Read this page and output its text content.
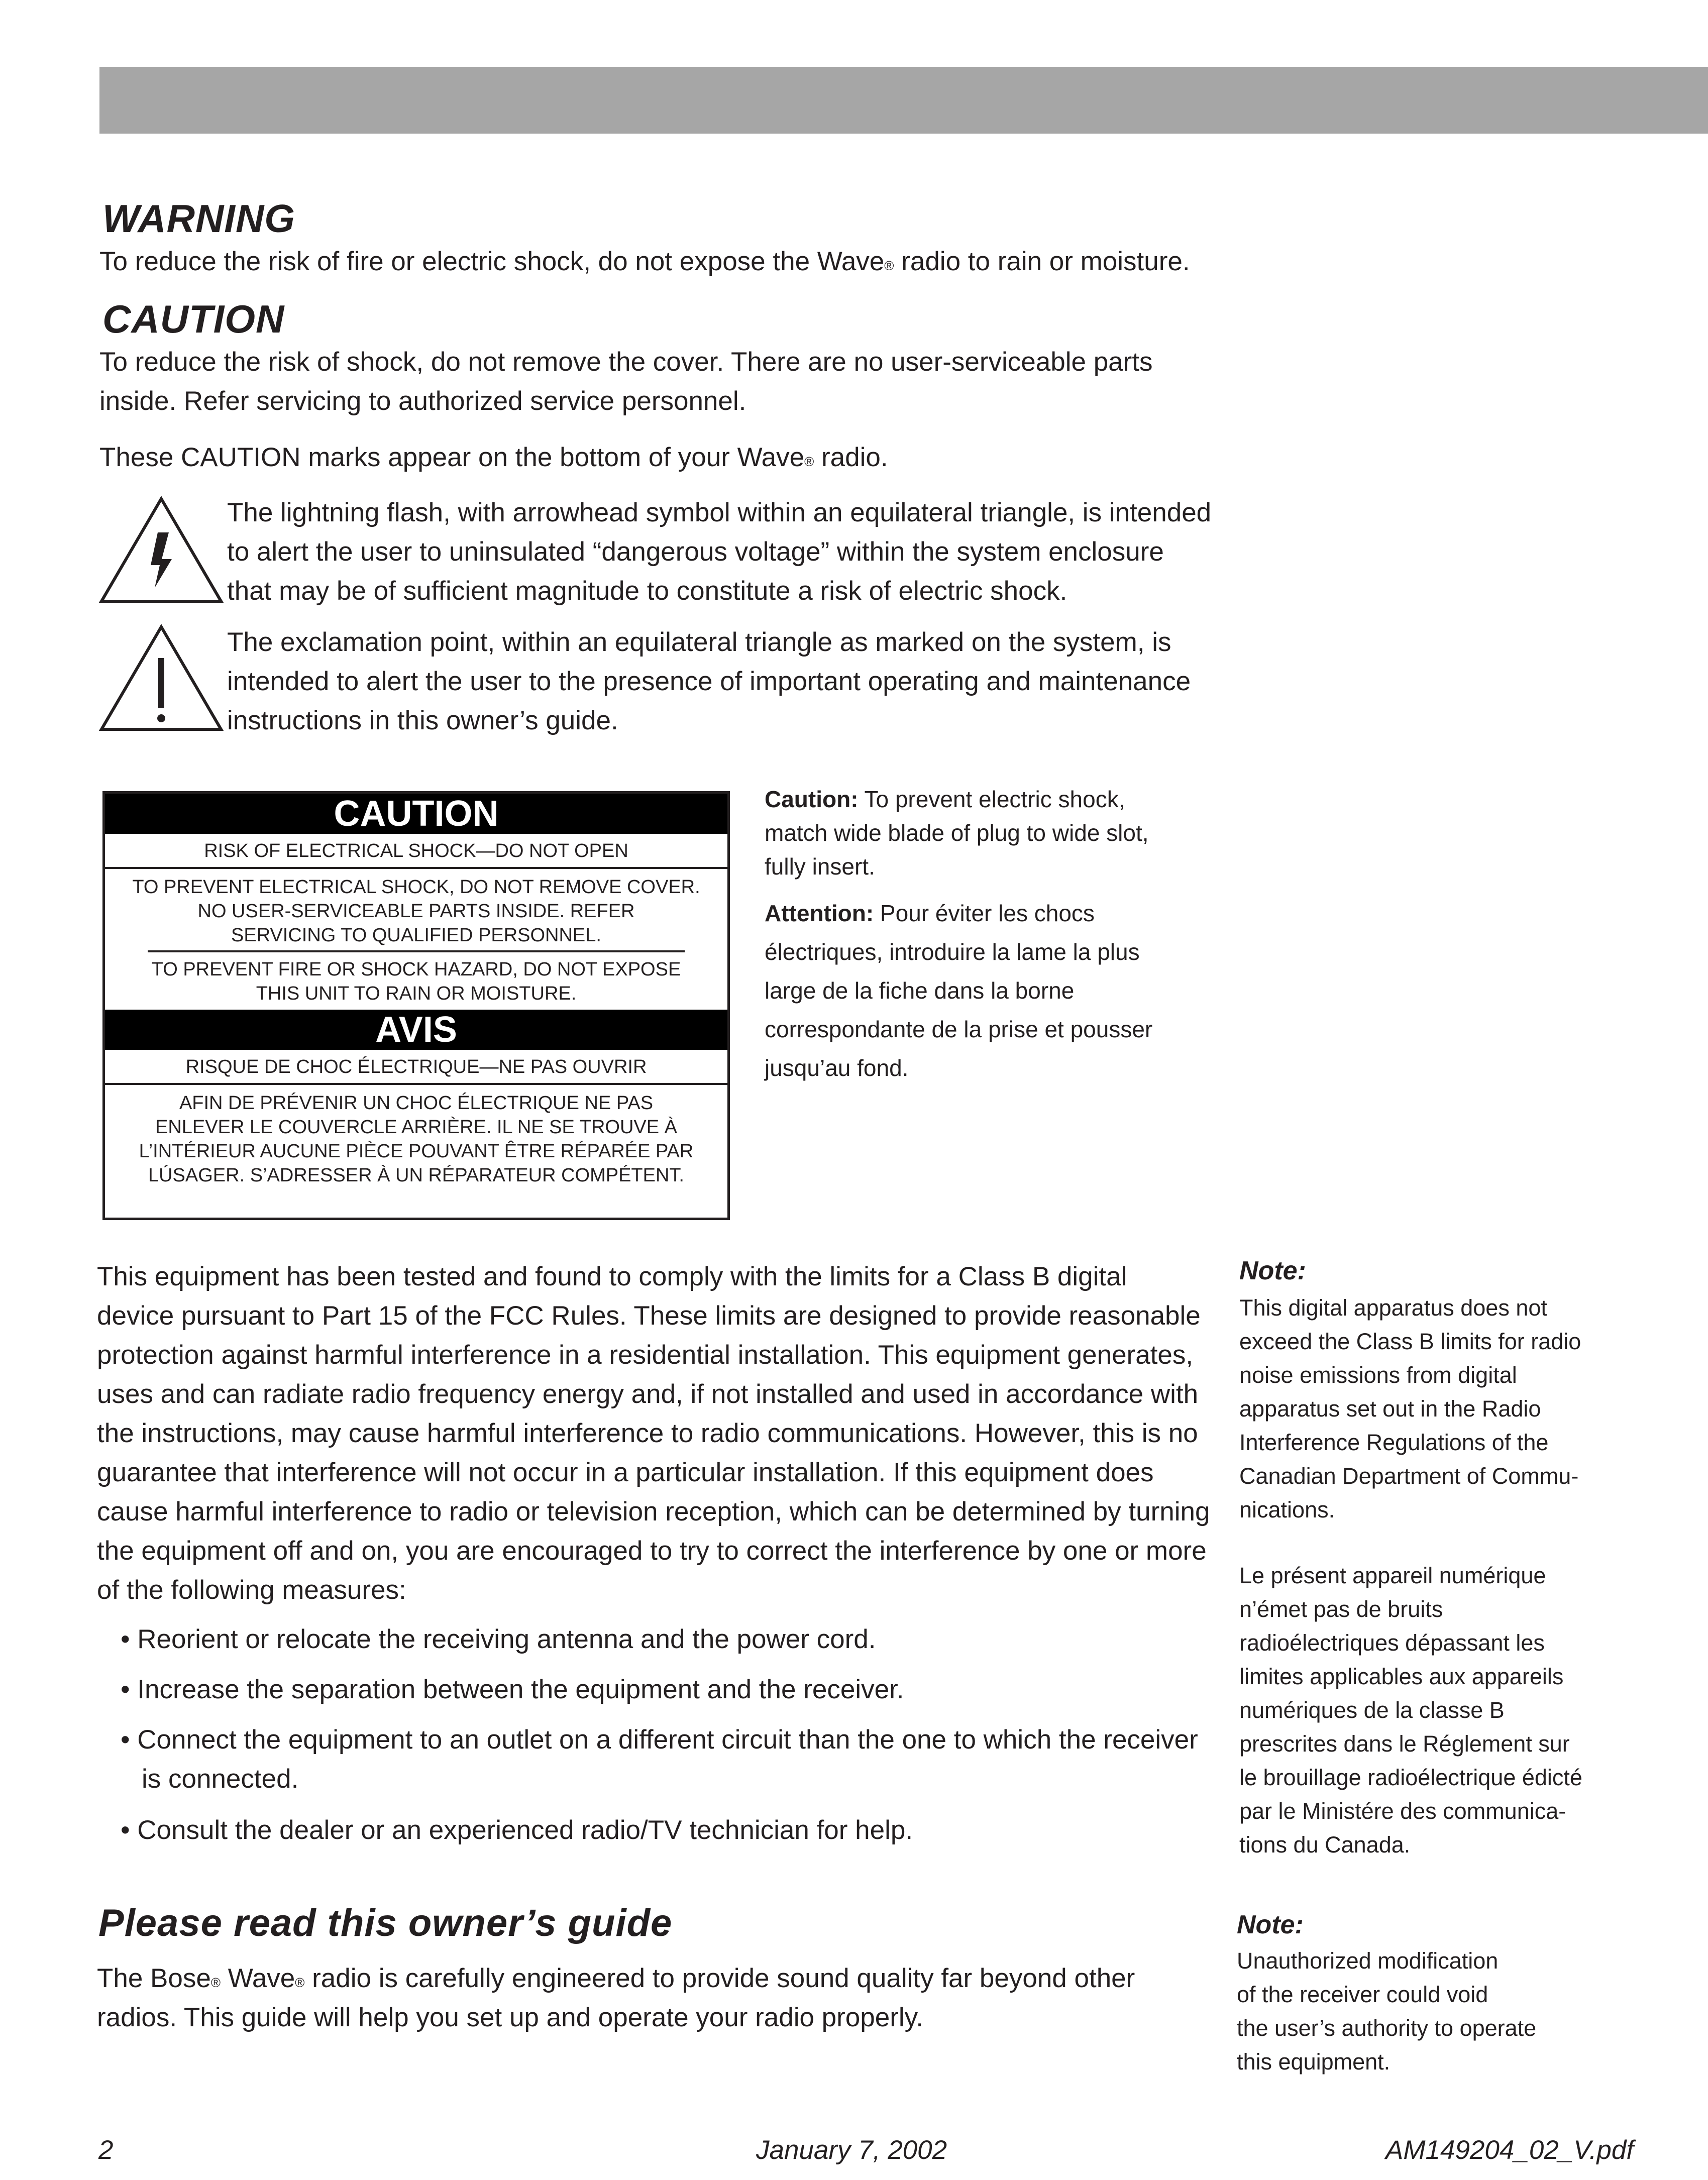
WARNING
To reduce the risk of fire or electric shock, do not expose the Wave® radio to rain or moisture.
CAUTION
To reduce the risk of shock, do not remove the cover. There are no user-serviceable parts
inside. Refer servicing to authorized service personnel.
These CAUTION marks appear on the bottom of your Wave® radio.
The lightning flash, with arrowhead symbol within an equilateral triangle, is intended
to alert the user to uninsulated “dangerous voltage” within the system enclosure
that may be of sufficient magnitude to constitute a risk of electric shock.
The exclamation point, within an equilateral triangle as marked on the system, is
intended to alert the user to the presence of important operating and maintenance
instructions in this owner’s guide.
CAUTION
RISK OF ELECTRICAL SHOCK—DO NOT OPEN
TO PREVENT ELECTRICAL SHOCK, DO NOT REMOVE COVER.
NO USER-SERVICEABLE PARTS INSIDE. REFER
SERVICING TO QUALIFIED PERSONNEL.
TO PREVENT FIRE OR SHOCK HAZARD, DO NOT EXPOSE
THIS UNIT TO RAIN OR MOISTURE.
AVIS
RISQUE DE CHOC ÉLECTRIQUE—NE PAS OUVRIR
AFIN DE PRÉVENIR UN CHOC ÉLECTRIQUE NE PAS
ENLEVER LE COUVERCLE ARRIÈRE. IL NE SE TROUVE À
L’INTÉRIEUR AUCUNE PIÈCE POUVANT ÊTRE RÉPARÉE PAR
LÚSAGER. S’ADRESSER À UN RÉPARATEUR COMPÉTENT.
Caution: To prevent electric shock,
match wide blade of plug to wide slot,
fully insert.
Attention: Pour éviter les chocs
électriques, introduire la lame la plus
large de la fiche dans la borne
correspondante de la prise et pousser
jusqu’au fond.
This equipment has been tested and found to comply with the limits for a Class B digital
device pursuant to Part 15 of the FCC Rules. These limits are designed to provide reasonable
protection against harmful interference in a residential installation. This equipment generates,
uses and can radiate radio frequency energy and, if not installed and used in accordance with
the instructions, may cause harmful interference to radio communications. However, this is no
guarantee that interference will not occur in a particular installation. If this equipment does
cause harmful interference to radio or television reception, which can be determined by turning
the equipment off and on, you are encouraged to try to correct the interference by one or more
of the following measures:
• Reorient or relocate the receiving antenna and the power cord.
• Increase the separation between the equipment and the receiver.
• Connect the equipment to an outlet on a different circuit than the one to which the receiver
is connected.
• Consult the dealer or an experienced radio/TV technician for help.
Note:
This digital apparatus does not
exceed the Class B limits for radio
noise emissions from digital
apparatus set out in the Radio
Interference Regulations of the
Canadian Department of Commu-
nications.
Le présent appareil numérique
n’émet pas de bruits
radioélectriques dépassant les
limites applicables aux appareils
numériques de la classe B
prescrites dans le Réglement sur
le brouillage radioélectrique édicté
par le Ministére des communica-
tions du Canada.
Please read this owner’s guide
The Bose® Wave® radio is carefully engineered to provide sound quality far beyond other
radios. This guide will help you set up and operate your radio properly.
Note:
Unauthorized modification
of the receiver could void
the user’s authority to operate
this equipment.
2	January 7, 2002	AM149204_02_V.pdf
